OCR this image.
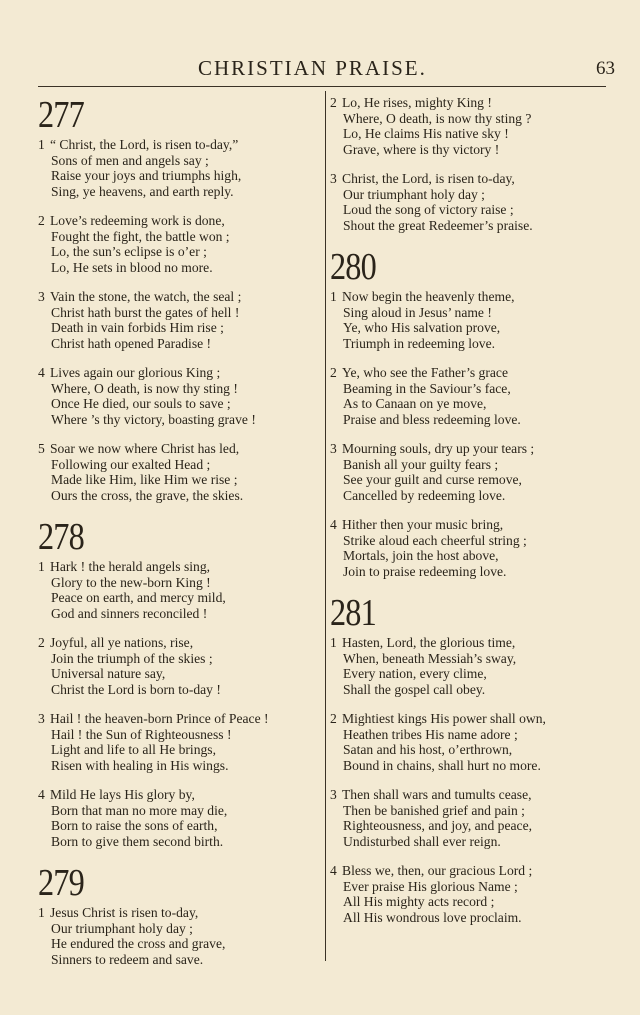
CHRISTIAN PRAISE.	63
277
1 “ Christ, the Lord, is risen to-day,”
Sons of men and angels say ;
Raise your joys and triumphs high,
Sing, ye heavens, and earth reply.
2 Love’s redeeming work is done,
Fought the fight, the battle won ;
Lo, the sun’s eclipse is o’er ;
Lo, He sets in blood no more.
3 Vain the stone, the watch, the seal ;
Christ hath burst the gates of hell !
Death in vain forbids Him rise ;
Christ hath opened Paradise !
4 Lives again our glorious King ;
Where, O death, is now thy sting !
Once He died, our souls to save ;
Where ’s thy victory, boasting grave !
5 Soar we now where Christ has led,
Following our exalted Head ;
Made like Him, like Him we rise ;
Ours the cross, the grave, the skies.
278
1 Hark ! the herald angels sing,
Glory to the new-born King !
Peace on earth, and mercy mild,
God and sinners reconciled !
2 Joyful, all ye nations, rise,
Join the triumph of the skies ;
Universal nature say,
Christ the Lord is born to-day !
3 Hail ! the heaven-born Prince of Peace !
Hail ! the Sun of Righteousness !
Light and life to all He brings,
Risen with healing in His wings.
4 Mild He lays His glory by,
Born that man no more may die,
Born to raise the sons of earth,
Born to give them second birth.
279
1 Jesus Christ is risen to-day,
Our triumphant holy day ;
He endured the cross and grave,
Sinners to redeem and save.
2 Lo, He rises, mighty King !
Where, O death, is now thy sting ?
Lo, He claims His native sky !
Grave, where is thy victory !
3 Christ, the Lord, is risen to-day,
Our triumphant holy day ;
Loud the song of victory raise ;
Shout the great Redeemer’s praise.
280
1 Now begin the heavenly theme,
Sing aloud in Jesus’ name !
Ye, who His salvation prove,
Triumph in redeeming love.
2 Ye, who see the Father’s grace
Beaming in the Saviour’s face,
As to Canaan on ye move,
Praise and bless redeeming love.
3 Mourning souls, dry up your tears ;
Banish all your guilty fears ;
See your guilt and curse remove,
Cancelled by redeeming love.
4 Hither then your music bring,
Strike aloud each cheerful string ;
Mortals, join the host above,
Join to praise redeeming love.
281
1 Hasten, Lord, the glorious time,
When, beneath Messiah’s sway,
Every nation, every clime,
Shall the gospel call obey.
2 Mightiest kings His power shall own,
Heathen tribes His name adore ;
Satan and his host, o’erthrown,
Bound in chains, shall hurt no more.
3 Then shall wars and tumults cease,
Then be banished grief and pain ;
Righteousness, and joy, and peace,
Undisturbed shall ever reign.
4 Bless we, then, our gracious Lord ;
Ever praise His glorious Name ;
All His mighty acts record ;
All His wondrous love proclaim.
